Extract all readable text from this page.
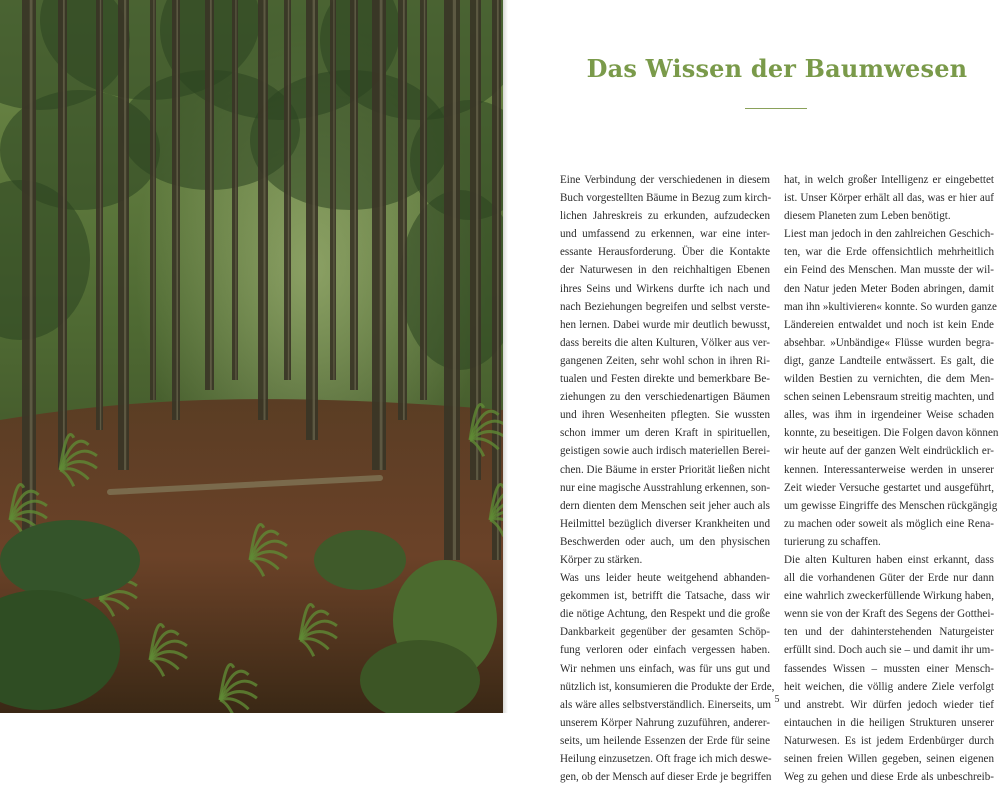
Das Wissen der Baumwesen
Eine Verbindung der verschiedenen in diesem
Buch vorgestellten Bäume in Bezug zum kirch-
lichen Jahreskreis zu erkunden, aufzudecken
und umfassend zu erkennen, war eine inter-
essante Herausforderung. Über die Kontakte
der Naturwesen in den reichhaltigen Ebenen
ihres Seins und Wirkens durfte ich nach und
nach Beziehungen begreifen und selbst verste-
hen lernen. Dabei wurde mir deutlich bewusst,
dass bereits die alten Kulturen, Völker aus ver-
gangenen Zeiten, sehr wohl schon in ihren Ri-
tualen und Festen direkte und bemerkbare Be-
ziehungen zu den verschiedenartigen Bäumen
und ihren Wesenheiten pflegten. Sie wussten
schon immer um deren Kraft in spirituellen,
geistigen sowie auch irdisch materiellen Berei-
chen. Die Bäume in erster Priorität ließen nicht
nur eine magische Ausstrahlung erkennen, son-
dern dienten dem Menschen seit jeher auch als
Heilmittel bezüglich diverser Krankheiten und
Beschwerden oder auch, um den physischen
Körper zu stärken.
Was uns leider heute weitgehend abhanden-
gekommen ist, betrifft die Tatsache, dass wir
die nötige Achtung, den Respekt und die große
Dankbarkeit gegenüber der gesamten Schöp-
fung verloren oder einfach vergessen haben.
Wir nehmen uns einfach, was für uns gut und
nützlich ist, konsumieren die Produkte der Erde,
als wäre alles selbstverständlich. Einerseits, um
unserem Körper Nahrung zuzuführen, anderer-
seits, um heilende Essenzen der Erde für seine
Heilung einzusetzen. Oft frage ich mich deswe-
gen, ob der Mensch auf dieser Erde je begriffen
hat, in welch großer Intelligenz er eingebettet
ist. Unser Körper erhält all das, was er hier auf
diesem Planeten zum Leben benötigt.
Liest man jedoch in den zahlreichen Geschich-
ten, war die Erde offensichtlich mehrheitlich
ein Feind des Menschen. Man musste der wil-
den Natur jeden Meter Boden abringen, damit
man ihn »kultivieren« konnte. So wurden ganze
Ländereien entwaldet und noch ist kein Ende
absehbar. »Unbändige« Flüsse wurden begra-
digt, ganze Landteile entwässert. Es galt, die
wilden Bestien zu vernichten, die dem Men-
schen seinen Lebensraum streitig machten, und
alles, was ihm in irgendeiner Weise schaden
konnte, zu beseitigen. Die Folgen davon können
wir heute auf der ganzen Welt eindrücklich er-
kennen. Interessanterweise werden in unserer
Zeit wieder Versuche gestartet und ausgeführt,
um gewisse Eingriffe des Menschen rückgängig
zu machen oder soweit als möglich eine Rena-
turierung zu schaffen.
Die alten Kulturen haben einst erkannt, dass
all die vorhandenen Güter der Erde nur dann
eine wahrlich zweckerfüllende Wirkung haben,
wenn sie von der Kraft des Segens der Gotthei-
ten und der dahinterstehenden Naturgeister
erfüllt sind. Doch auch sie – und damit ihr um-
fassendes Wissen – mussten einer Mensch-
heit weichen, die völlig andere Ziele verfolgt
und anstrebt. Wir dürfen jedoch wieder tief
eintauchen in die heiligen Strukturen unserer
Naturwesen. Es ist jedem Erdenbürger durch
seinen freien Willen gegeben, seinen eigenen
Weg zu gehen und diese Erde als unbeschreib-
5
